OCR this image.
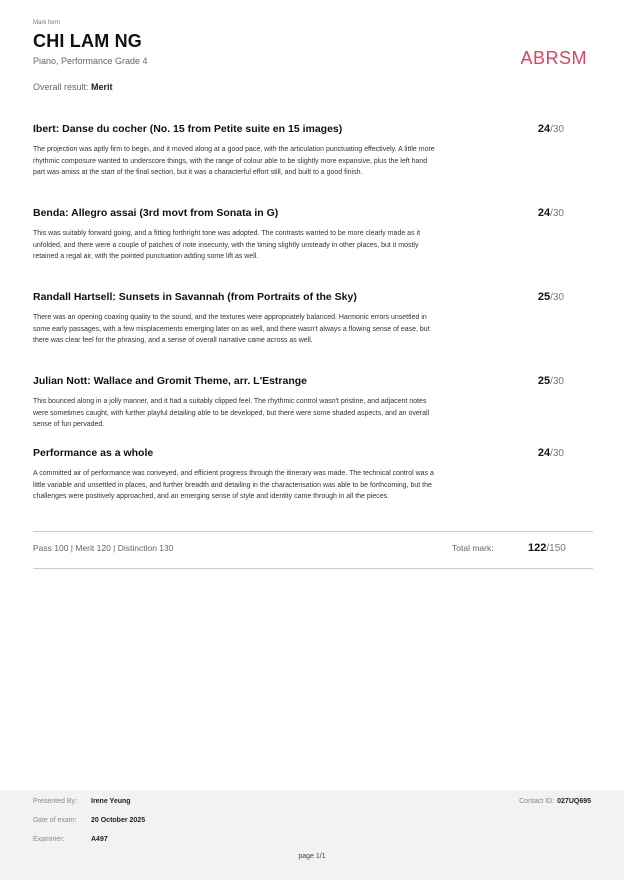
Mark form
CHI LAM NG
Piano, Performance Grade 4	ABRSM
Overall result: Merit
Ibert: Danse du cocher (No. 15 from Petite suite en 15 images)	24/30
The projection was aptly firm to begin, and it moved along at a good pace, with the articulation punctuating effectively. A little more rhythmic composure wanted to underscore things, with the range of colour able to be slightly more expansive, plus the left hand part was amiss at the start of the final section, but it was a characterful effort still, and built to a good finish.
Benda: Allegro assai (3rd movt from Sonata in G)	24/30
This was suitably forward going, and a fitting forthright tone was adopted. The contrasts wanted to be more clearly made as it unfolded, and there were a couple of patches of note insecurity, with the timing slightly unsteady in other places, but it mostly retained a regal air, with the pointed punctuation adding some lift as well.
Randall Hartsell: Sunsets in Savannah (from Portraits of the Sky)	25/30
There was an opening coaxing quality to the sound, and the textures were appropriately balanced. Harmonic errors unsettled in some early passages, with a few misplacements emerging later on as well, and there wasn't always a flowing sense of ease, but there was clear feel for the phrasing, and a sense of overall narrative came across as well.
Julian Nott: Wallace and Gromit Theme, arr. L'Estrange	25/30
This bounced along in a jolly manner, and it had a suitably clipped feel. The rhythmic control wasn't pristine, and adjacent notes were sometimes caught, with further playful detailing able to be developed, but there were some shaded aspects, and an overall sense of fun pervaded.
Performance as a whole	24/30
A committed air of performance was conveyed, and efficient progress through the itinerary was made. The technical control was a little variable and unsettled in places, and further breadth and detailing in the characterisation was able to be forthcoming, but the challenges were positively approached, and an emerging sense of style and identity came through in all the pieces.
Pass 100 | Merit 120 | Distinction 130	Total mark:	122/150
Presented By: Irene Yeung
Date of exam: 20 October 2025
Examiner:	A497
Contact ID: 027UQ695
page 1/1
